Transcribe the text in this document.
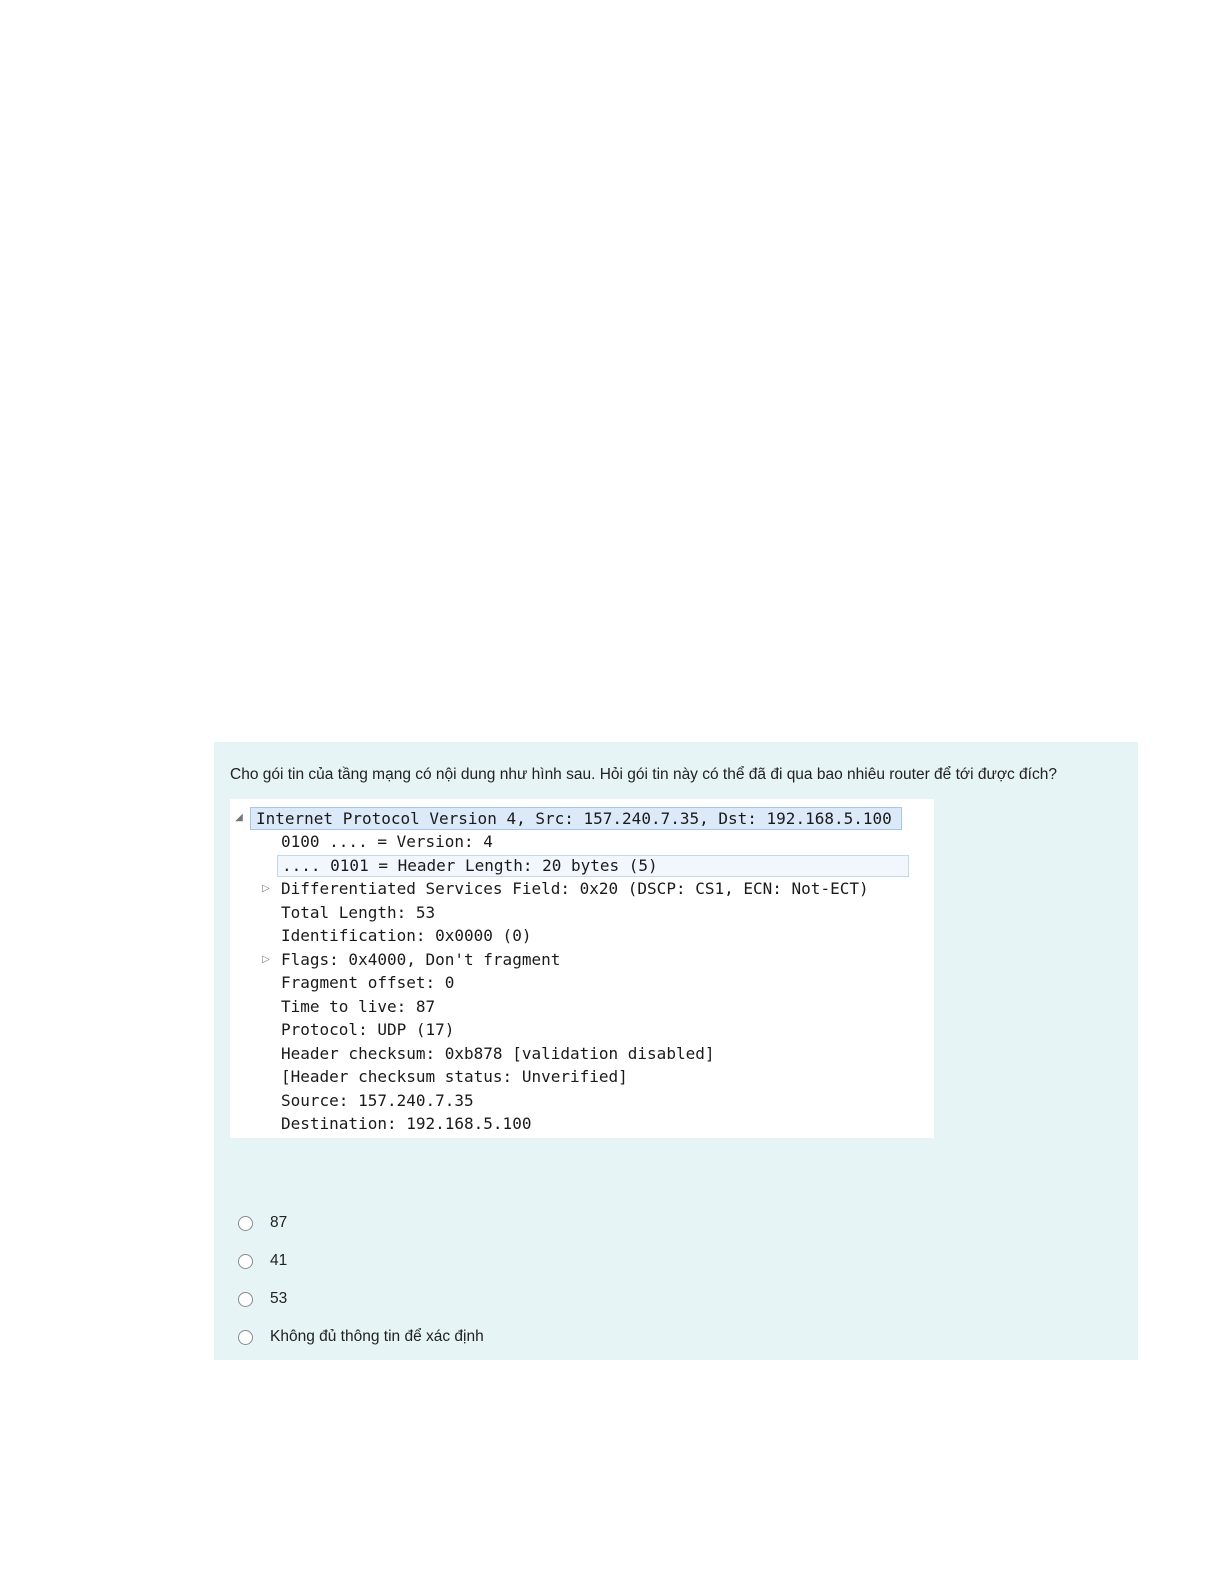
Cho gói tin của tầng mạng có nội dung như hình sau. Hỏi gói tin này có thể đã đi qua bao nhiêu router để tới được đích?

◢

Internet Protocol Version 4, Src: 157.240.7.35, Dst: 192.168.5.100

0100 .... = Version: 4
.... 0101 = Header Length: 20 bytes (5)
▷ Differentiated Services Field: 0x20 (DSCP: CS1, ECN: Not-ECT)
Total Length: 53
Identification: 0x0000 (0)
▷ Flags: 0x4000, Don't fragment
Fragment offset: 0
Time to live: 87
Protocol: UDP (17)
Header checksum: 0xb878 [validation disabled]
[Header checksum status: Unverified]
Source: 157.240.7.35
Destination: 192.168.5.100
87
41
53
Không đủ thông tin để xác định
